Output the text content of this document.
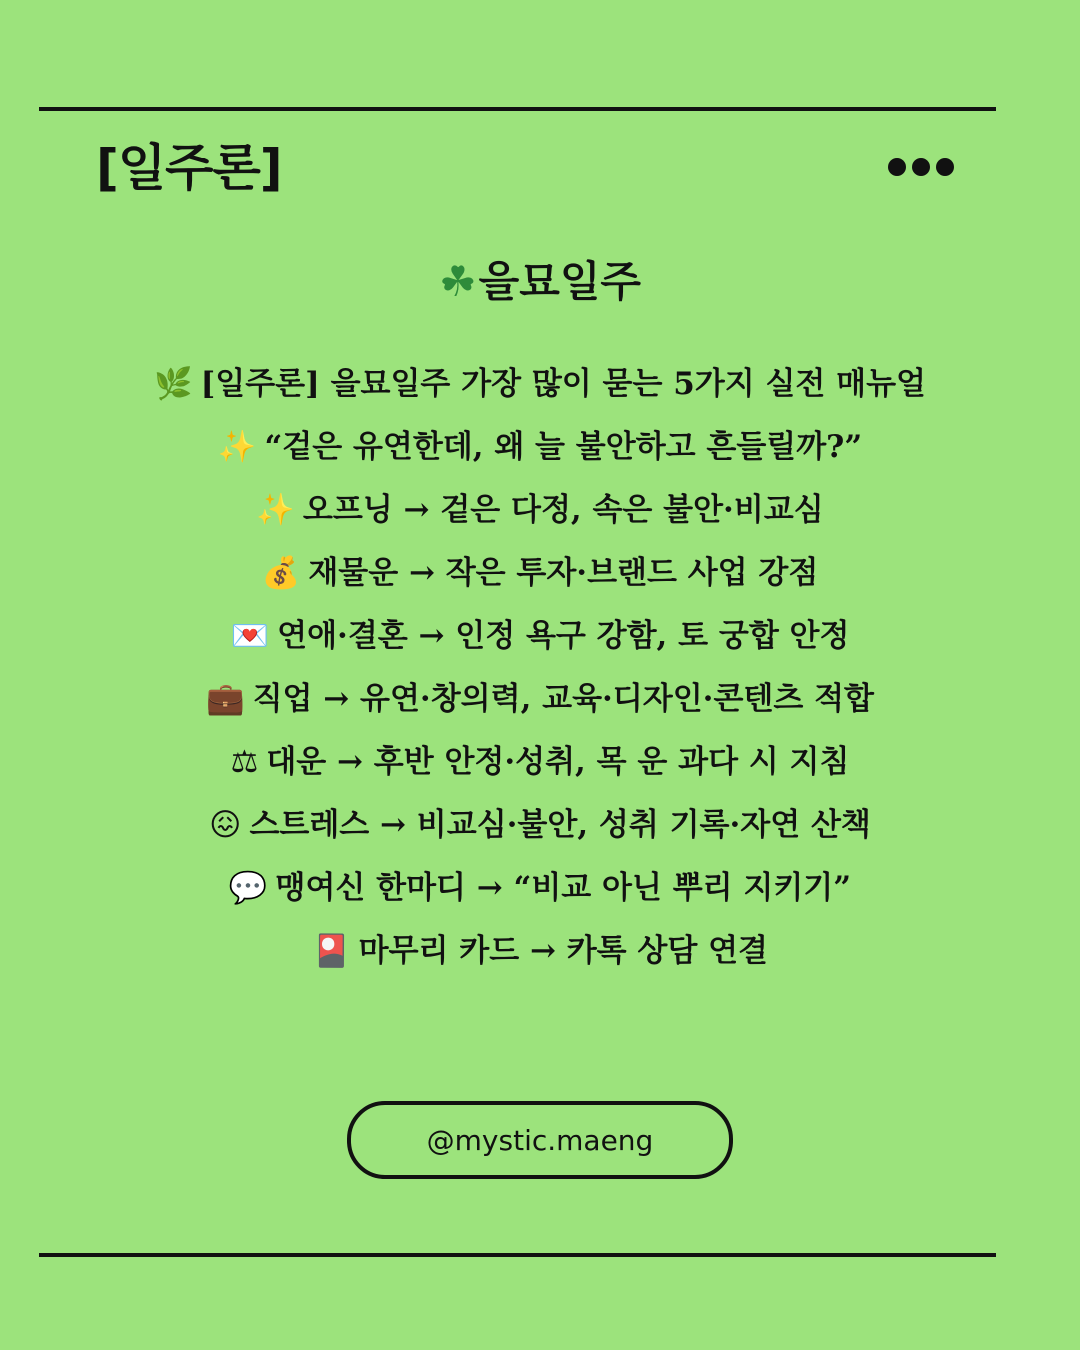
[일주론]
☘을묘일주
🌿 [일주론] 을묘일주 가장 많이 묻는 5가지 실전 매뉴얼
✨ “겉은 유연한데, 왜 늘 불안하고 흔들릴까?”
✨ 오프닝 → 겉은 다정, 속은 불안·비교심
💰 재물운 → 작은 투자·브랜드 사업 강점
💌 연애·결혼 → 인정 욕구 강함, 토 궁합 안정
💼 직업 → 유연·창의력, 교육·디자인·콘텐츠 적합
⚖ 대운 → 후반 안정·성취, 목 운 과다 시 지침
😖 스트레스 → 비교심·불안, 성취 기록·자연 산책
💬 맹여신 한마디 → “비교 아닌 뿌리 지키기”
🎴 마무리 카드 → 카톡 상담 연결
@mystic.maeng
